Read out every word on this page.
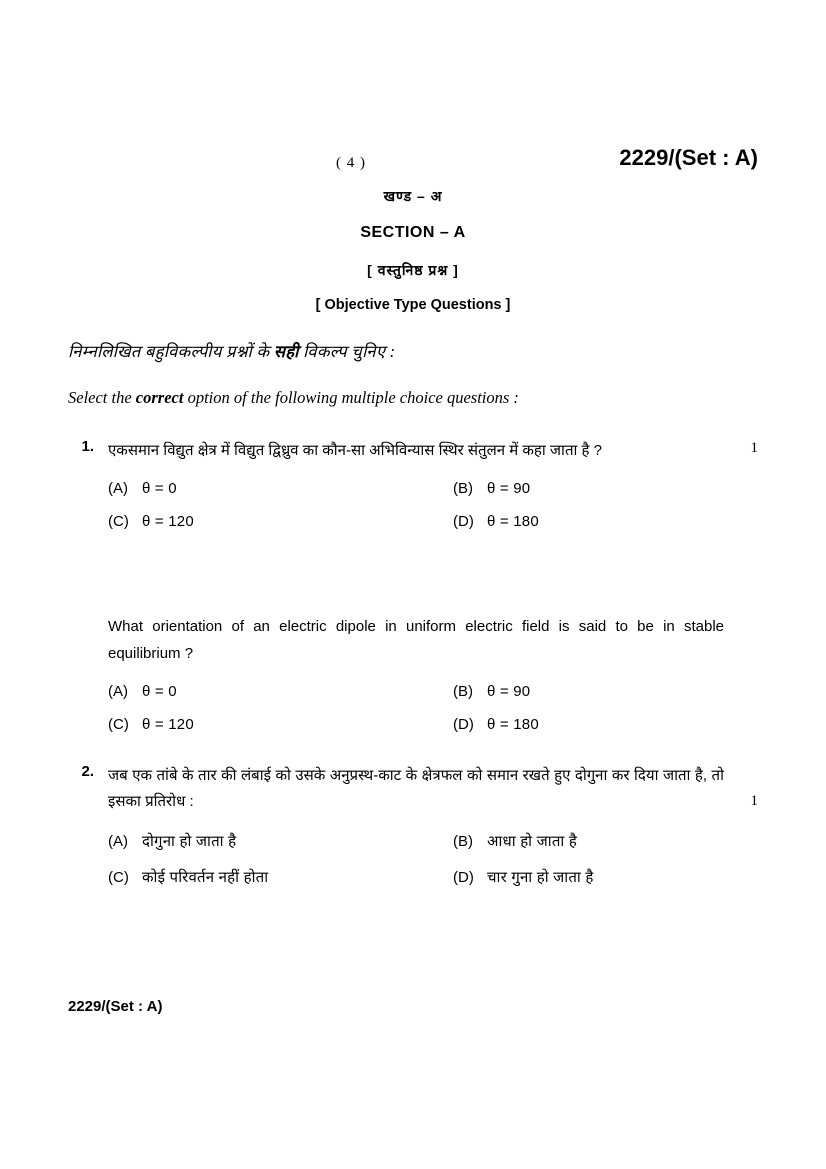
( 4 )	2229/(Set : A)
खण्ड – अ
SECTION – A
[ वस्तुनिष्ठ प्रश्न ]
[ Objective Type Questions ]
निम्नलिखित बहुविकल्पीय प्रश्नों के सही विकल्प चुनिए :
Select the correct option of the following multiple choice questions :
1.	1
एकसमान विद्युत क्षेत्र में विद्युत द्विध्रुव का कौन-सा अभिविन्यास स्थिर संतुलन में कहा जाता है ?
(A) θ = 0	(B) θ = 90
(C) θ = 120	(D) θ = 180
What orientation of an electric dipole in uniform electric field is said to be in stable equilibrium ?
(A) θ = 0	(B) θ = 90
(C) θ = 120	(D) θ = 180
2.
1
जब एक तांबे के तार की लंबाई को उसके अनुप्रस्थ-काट के क्षेत्रफल को समान रखते हुए दोगुना कर दिया जाता है, तो इसका प्रतिरोध :
(A) दोगुना हो जाता है	(B) आधा हो जाता है
(C) कोई परिवर्तन नहीं होता	(D) चार गुना हो जाता है
2229/(Set : A)
